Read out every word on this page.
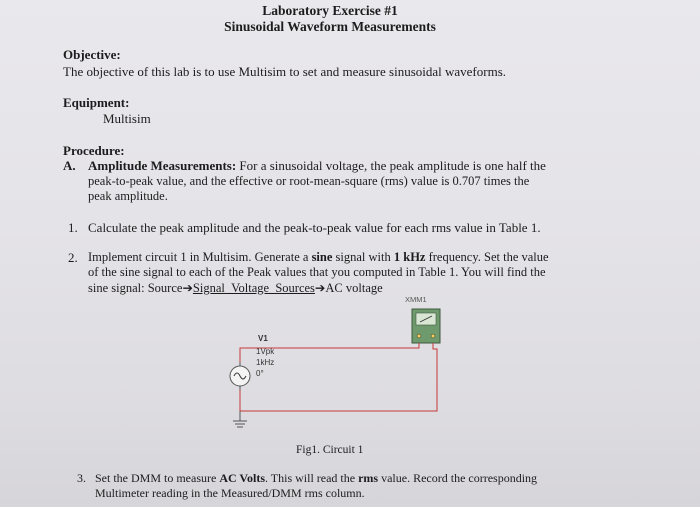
Laboratory Exercise #1
Sinusoidal Waveform Measurements
Objective:
The objective of this lab is to use Multisim to set and measure sinusoidal waveforms.
Equipment:
Multisim
Procedure:
A. Amplitude Measurements: For a sinusoidal voltage, the peak amplitude is one half the
peak-to-peak value, and the effective or root-mean-square (rms) value is 0.707 times the
peak amplitude.
1. Calculate the peak amplitude and the peak-to-peak value for each rms value in Table 1.
2. Implement circuit 1 in Multisim. Generate a sine signal with 1 kHz frequency. Set the value
of the sine signal to each of the Peak values that you computed in Table 1. You will find the
sine signal: Source➔Signal_Voltage_Sources➔AC voltage
XMM1
V1
1Vpk
1kHz
0°
Fig1. Circuit 1
3. Set the DMM to measure AC Volts. This will read the rms value. Record the corresponding
Multimeter reading in the Measured/DMM rms column.
